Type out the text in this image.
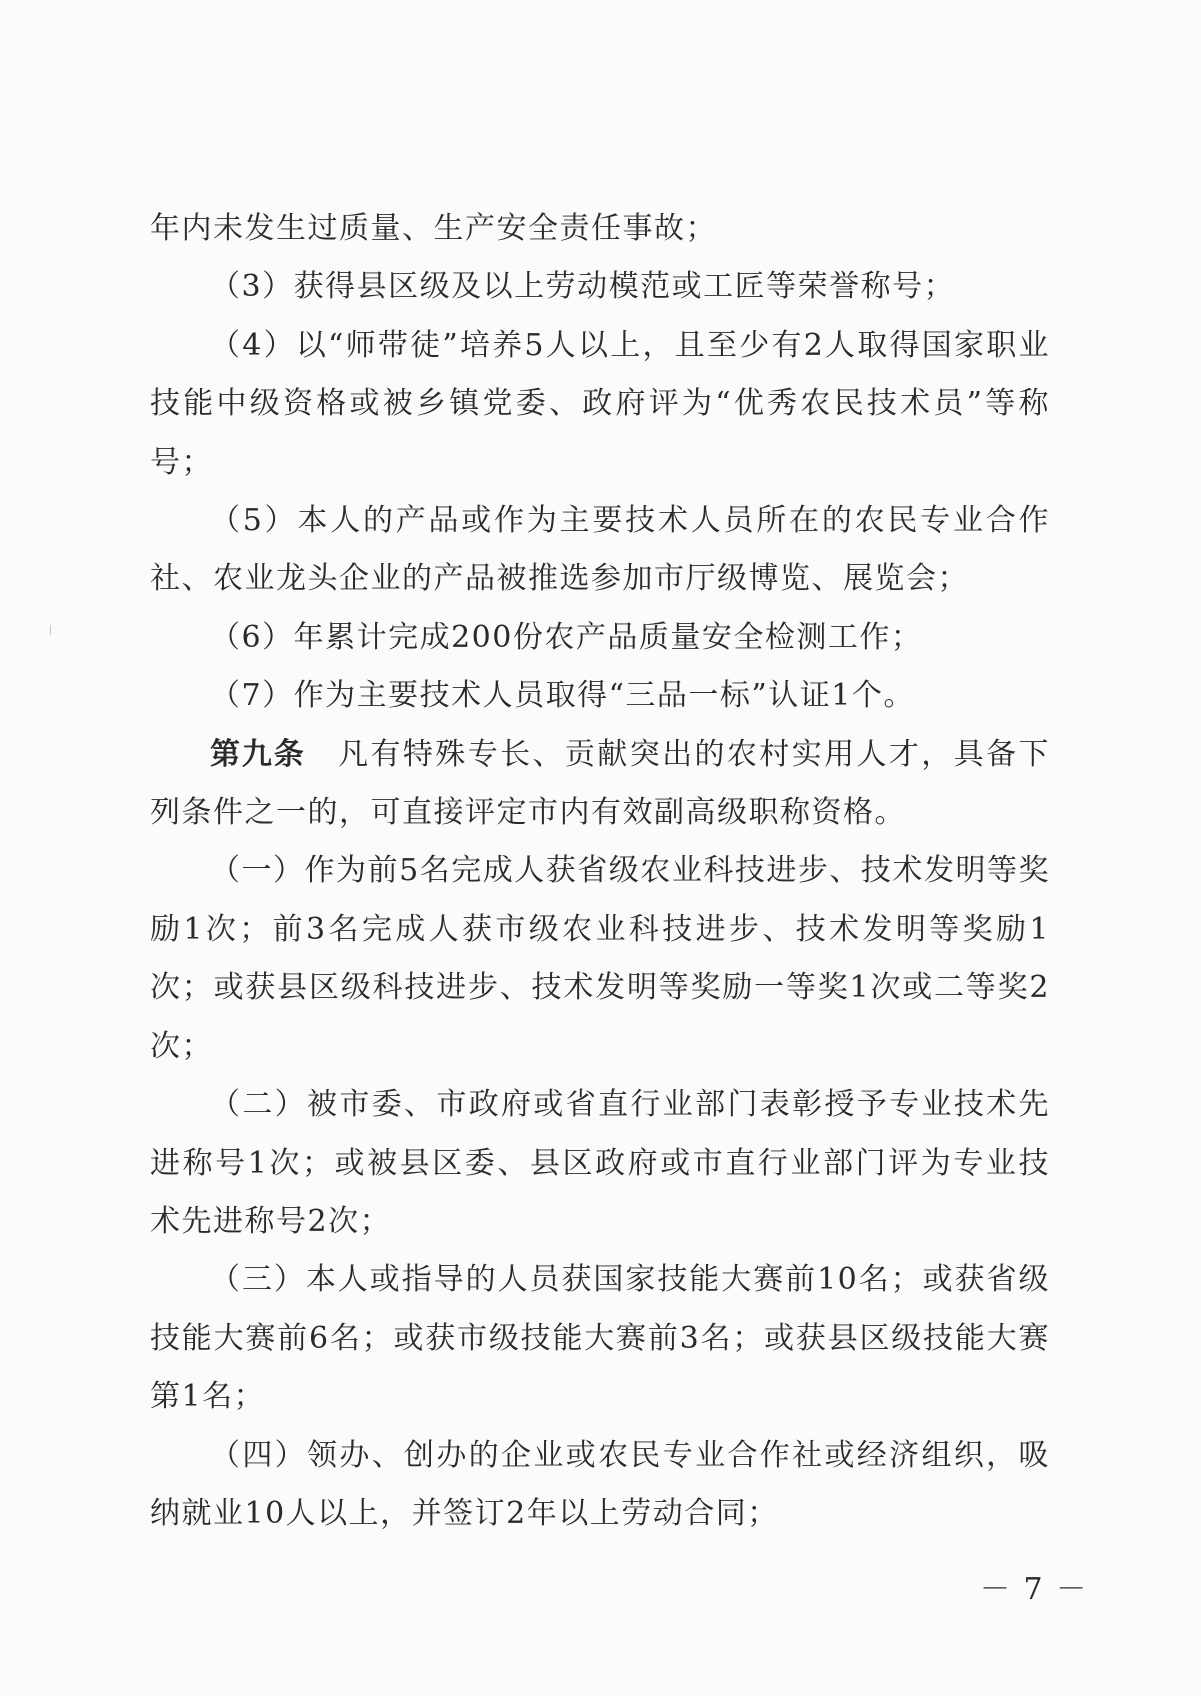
年内未发生过质量、生产安全责任事故；

（3）获得县区级及以上劳动模范或工匠等荣誉称号；

（4）以“师带徒”培养5人以上，且至少有2人取得国家职业技能中级资格或被乡镇党委、政府评为“优秀农民技术员”等称号；

（5）本人的产品或作为主要技术人员所在的农民专业合作社、农业龙头企业的产品被推选参加市厅级博览、展览会；

（6）年累计完成200份农产品质量安全检测工作；

（7）作为主要技术人员取得“三品一标”认证1个。

第九条　凡有特殊专长、贡献突出的农村实用人才，具备下列条件之一的，可直接评定市内有效副高级职称资格。

（一）作为前5名完成人获省级农业科技进步、技术发明等奖励1次；前3名完成人获市级农业科技进步、技术发明等奖励1次；或获县区级科技进步、技术发明等奖励一等奖1次或二等奖2次；

（二）被市委、市政府或省直行业部门表彰授予专业技术先进称号1次；或被县区委、县区政府或市直行业部门评为专业技术先进称号2次；

（三）本人或指导的人员获国家技能大赛前10名；或获省级技能大赛前6名；或获市级技能大赛前3名；或获县区级技能大赛第1名；

（四）领办、创办的企业或农民专业合作社或经济组织，吸纳就业10人以上，并签订2年以上劳动合同；

－ 7 －
